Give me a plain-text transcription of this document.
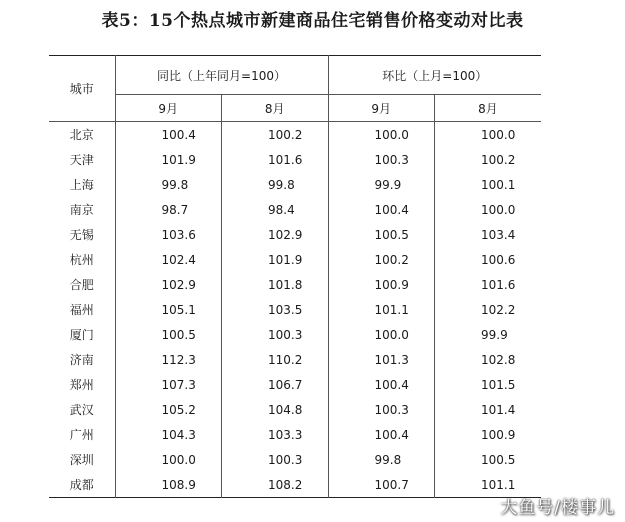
表5：15个热点城市新建商品住宅销售价格变动对比表
城市	同比（上年同月=100）		环比（上月=100）	
	9月	8月	9月	8月
北京	100.4	100.2	100.0	100.0
天津	101.9	101.6	100.3	100.2
上海	99.8	99.8	99.9	100.1
南京	98.7	98.4	100.4	100.0
无锡	103.6	102.9	100.5	103.4
杭州	102.4	101.9	100.2	100.6
合肥	102.9	101.8	100.9	101.6
福州	105.1	103.5	101.1	102.2
厦门	100.5	100.3	100.0	99.9
济南	112.3	110.2	101.3	102.8
郑州	107.3	106.7	100.4	101.5
武汉	105.2	104.8	100.3	101.4
广州	104.3	103.3	100.4	100.9
深圳	100.0	100.3	99.8	100.5
成都	108.9	108.2	100.7	101.1
大鱼号/楼事儿
